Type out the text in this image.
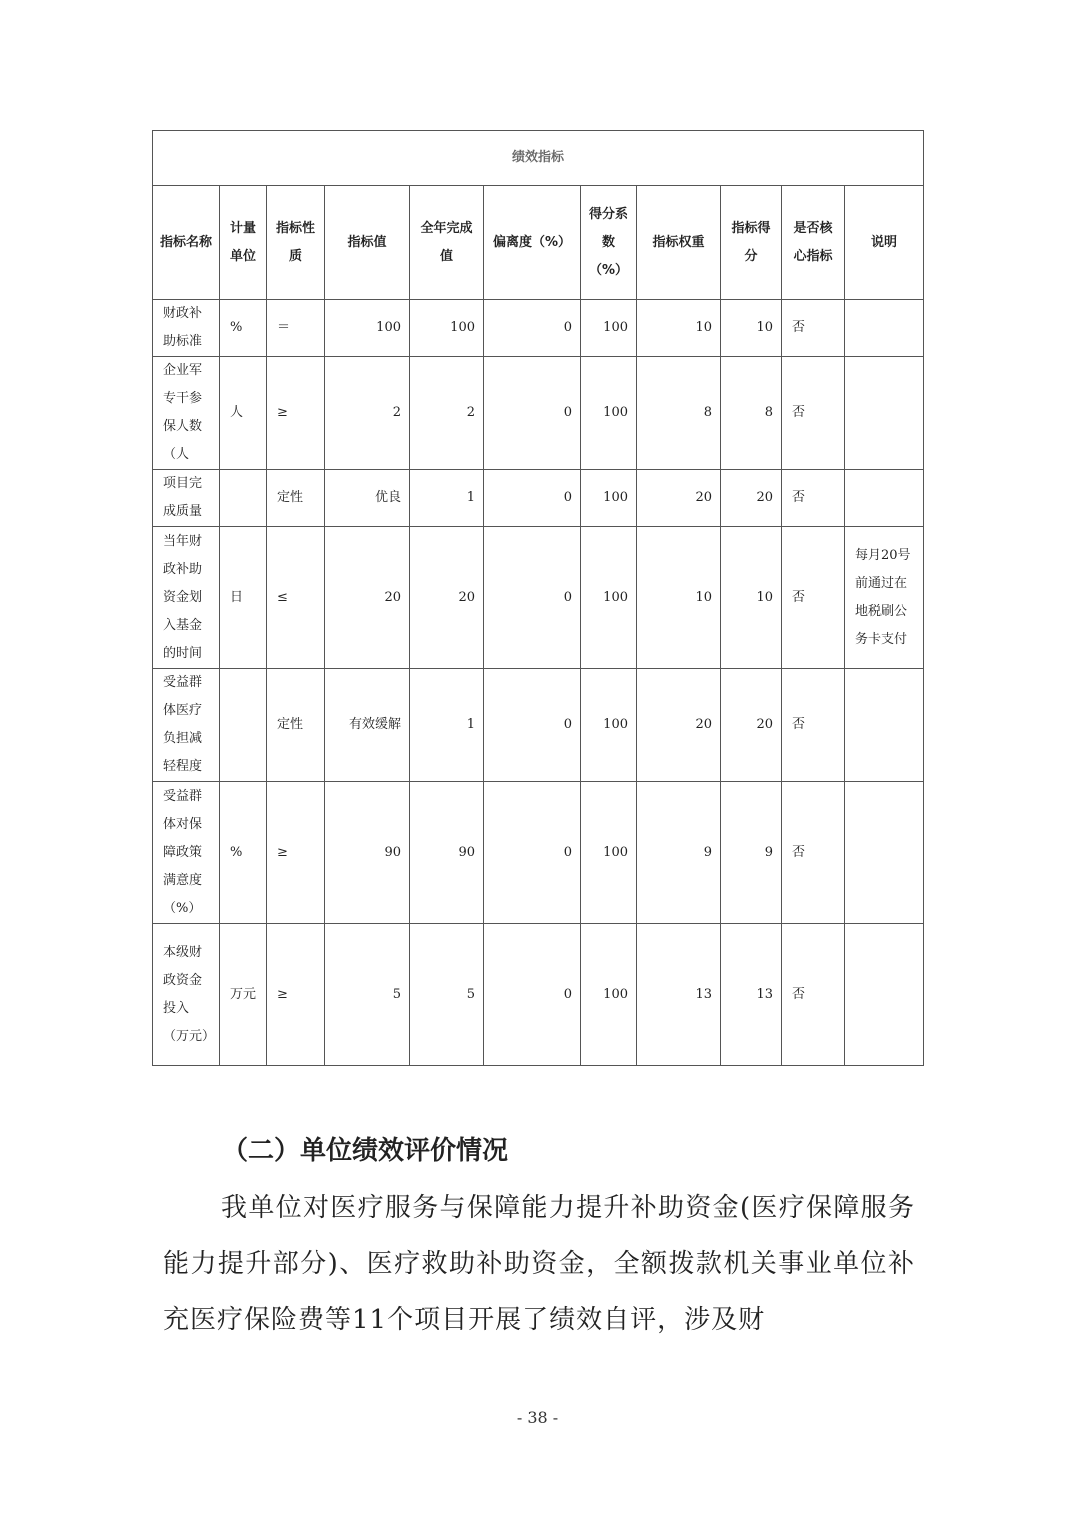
绩效指标										
指标名称	计量单位	指标性质	指标值	全年完成值	偏离度（%）	得分系数（%）	指标权重	指标得分	是否核心指标	说明
财政补助标准	%	＝	100	100	0	100	10	10	否	
企业军专干参保人数（人	人	≥	2	2	0	100	8	8	否	
项目完成质量		定性	优良	1	0	100	20	20	否	
当年财政补助资金划入基金的时间	日	≤	20	20	0	100	10	10	否	每月20号前通过在地税刷公务卡支付
受益群体医疗负担减轻程度		定性	有效缓解	1	0	100	20	20	否	
受益群体对保障政策满意度（%）	%	≥	90	90	0	100	9	9	否	
本级财政资金投入（万元）	万元	≥	5	5	0	100	13	13	否	
（二）单位绩效评价情况

我单位对医疗服务与保障能力提升补助资金(医疗保障服务能力提升部分)、医疗救助补助资金，全额拨款机关事业单位补充医疗保险费等11个项目开展了绩效自评，涉及财

- 38 -
